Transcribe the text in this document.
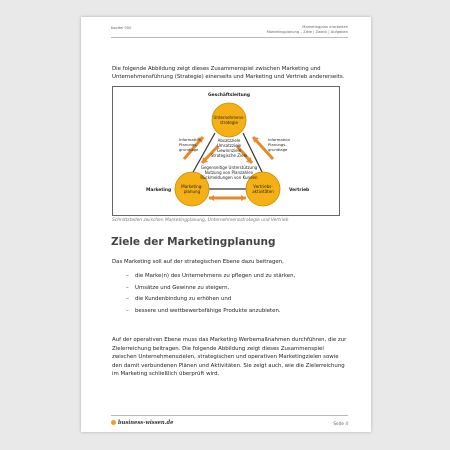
Kapitel 000	Marketingplan erarbeiten
Marketingplanung – Ziele | Zweck | Aufgaben
Die folgende Abbildung zeigt dieses Zusammenspiel zwischen Marketing und
Unternehmensführung (Strategie) einerseits und Marketing und Vertrieb andererseits.
Geschäftsleitung
Unternehmens-
strategie
Marketing-
planung
Vertriebs-
aktivitäten
Absatzziele
Umsatzziele
Gewinnziele
Strategische Ziele
Gegenseitige Unterstützung
Nutzung von Planzahlen
Rückmeldungen von Kunden
Information
Planungs-
grundlage
Information
Planungs-
grundlage
Marketing	Vertrieb
Schnittstellen zwischen Marketingplanung, Unternehmensstrategie und Vertrieb
Ziele der Marketingplanung
Das Marketing soll auf der strategischen Ebene dazu beitragen,
– die Marke(n) des Unternehmens zu pflegen und zu stärken,
– Umsätze und Gewinne zu steigern,
– die Kundenbindung zu erhöhen und
– bessere und wettbewerbsfähige Produkte anzubieten.
Auf der operativen Ebene muss das Marketing Werbemaßnahmen durchführen, die zur
Zielerreichung beitragen. Die folgende Abbildung zeigt dieses Zusammenspiel
zwischen Unternehmenszielen, strategischen und operativen Marketingzielen sowie
den damit verbundenen Plänen und Aktivitäten. Sie zeigt auch, wie die Zielerreichung
im Marketing schließlich überprüft wird.
business-wissen.de	Seite 4
